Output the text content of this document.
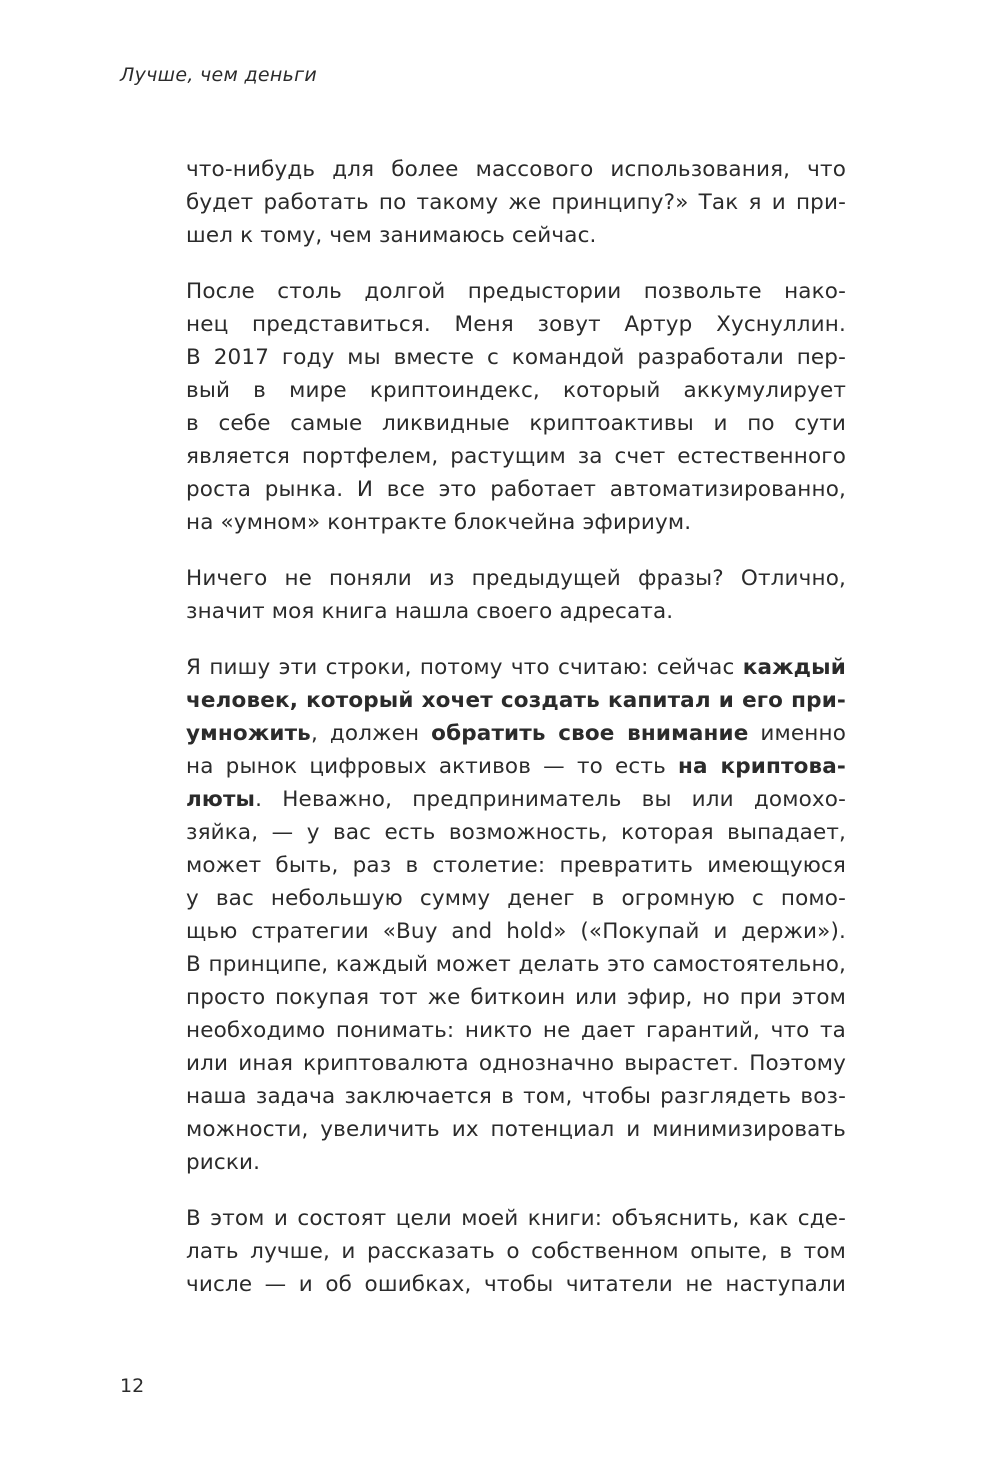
Лучше, чем деньги

что-нибудь для более массового использования, что
будет работать по такому же принципу?» Так я и при-
шел к тому, чем занимаюсь сейчас.
После столь долгой предыстории позвольте нако-
нец представиться. Меня зовут Артур Хуснуллин.
В 2017 году мы вместе с командой разработали пер-
вый в мире криптоиндекс, который аккумулирует
в себе самые ликвидные криптоактивы и по сути
является портфелем, растущим за счет естественного
роста рынка. И все это работает автоматизированно,
на «умном» контракте блокчейна эфириум.
Ничего не поняли из предыдущей фразы? Отлично,
значит моя книга нашла своего адресата.
Я пишу эти строки, потому что считаю: сейчас каждый
человек, который хочет создать капитал и его при-
умножить, должен обратить свое внимание именно
на рынок цифровых активов — то есть на криптова-
люты. Неважно, предприниматель вы или домохо-
зяйка, — у вас есть возможность, которая выпадает,
может быть, раз в столетие: превратить имеющуюся
у вас небольшую сумму денег в огромную с помо-
щью стратегии «Buy and hold» («Покупай и держи»).
В принципе, каждый может делать это самостоятельно,
просто покупая тот же биткоин или эфир, но при этом
необходимо понимать: никто не дает гарантий, что та
или иная криптовалюта однозначно вырастет. Поэтому
наша задача заключается в том, чтобы разглядеть воз-
можности, увеличить их потенциал и минимизировать
риски.
В этом и состоят цели моей книги: объяснить, как сде-
лать лучше, и рассказать о собственном опыте, в том
числе — и об ошибках, чтобы читатели не наступали

12
